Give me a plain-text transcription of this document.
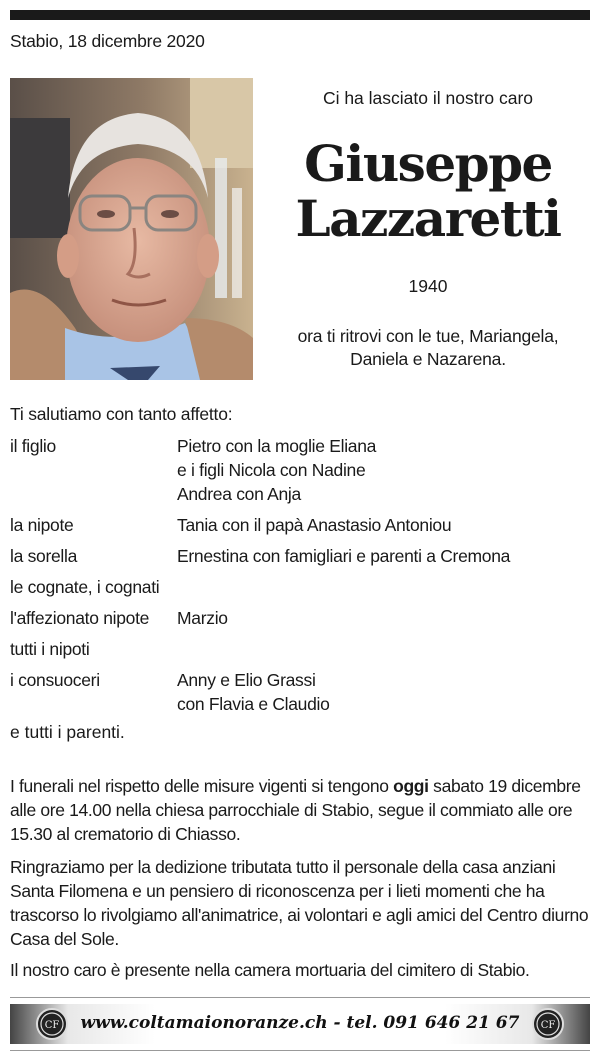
Stabio, 18 dicembre 2020
Ci ha lasciato il nostro caro
Giuseppe
Lazzaretti
1940
ora ti ritrovi con le tue, Mariangela, Daniela e Nazarena.
Ti salutiamo con tanto affetto:
il figlio	Pietro con la moglie Eliana
e i figli Nicola con Nadine
Andrea con Anja
la nipote	Tania con il papà Anastasio Antoniou
la sorella	Ernestina con famigliari e parenti a Cremona
le cognate, i cognati
l'affezionato nipote	Marzio
tutti i nipoti
i consuoceri	Anny e Elio Grassi
con Flavia e Claudio
e tutti i parenti.
I funerali nel rispetto delle misure vigenti si tengono oggi sabato 19 dicembre alle ore 14.00 nella chiesa parrocchiale di Stabio, segue il commiato alle ore 15.30 al crematorio di Chiasso.
Ringraziamo per la dedizione tributata tutto il personale della casa anziani Santa Filomena e un pensiero di riconoscenza per i lieti momenti che ha trascorso lo rivolgiamo all'animatrice, ai volontari e agli amici del Centro diurno Casa del Sole.
Il nostro caro è presente nella camera mortuaria del cimitero di Stabio.
CF	www.coltamaionoranze.ch - tel. 091 646 21 67	CF
